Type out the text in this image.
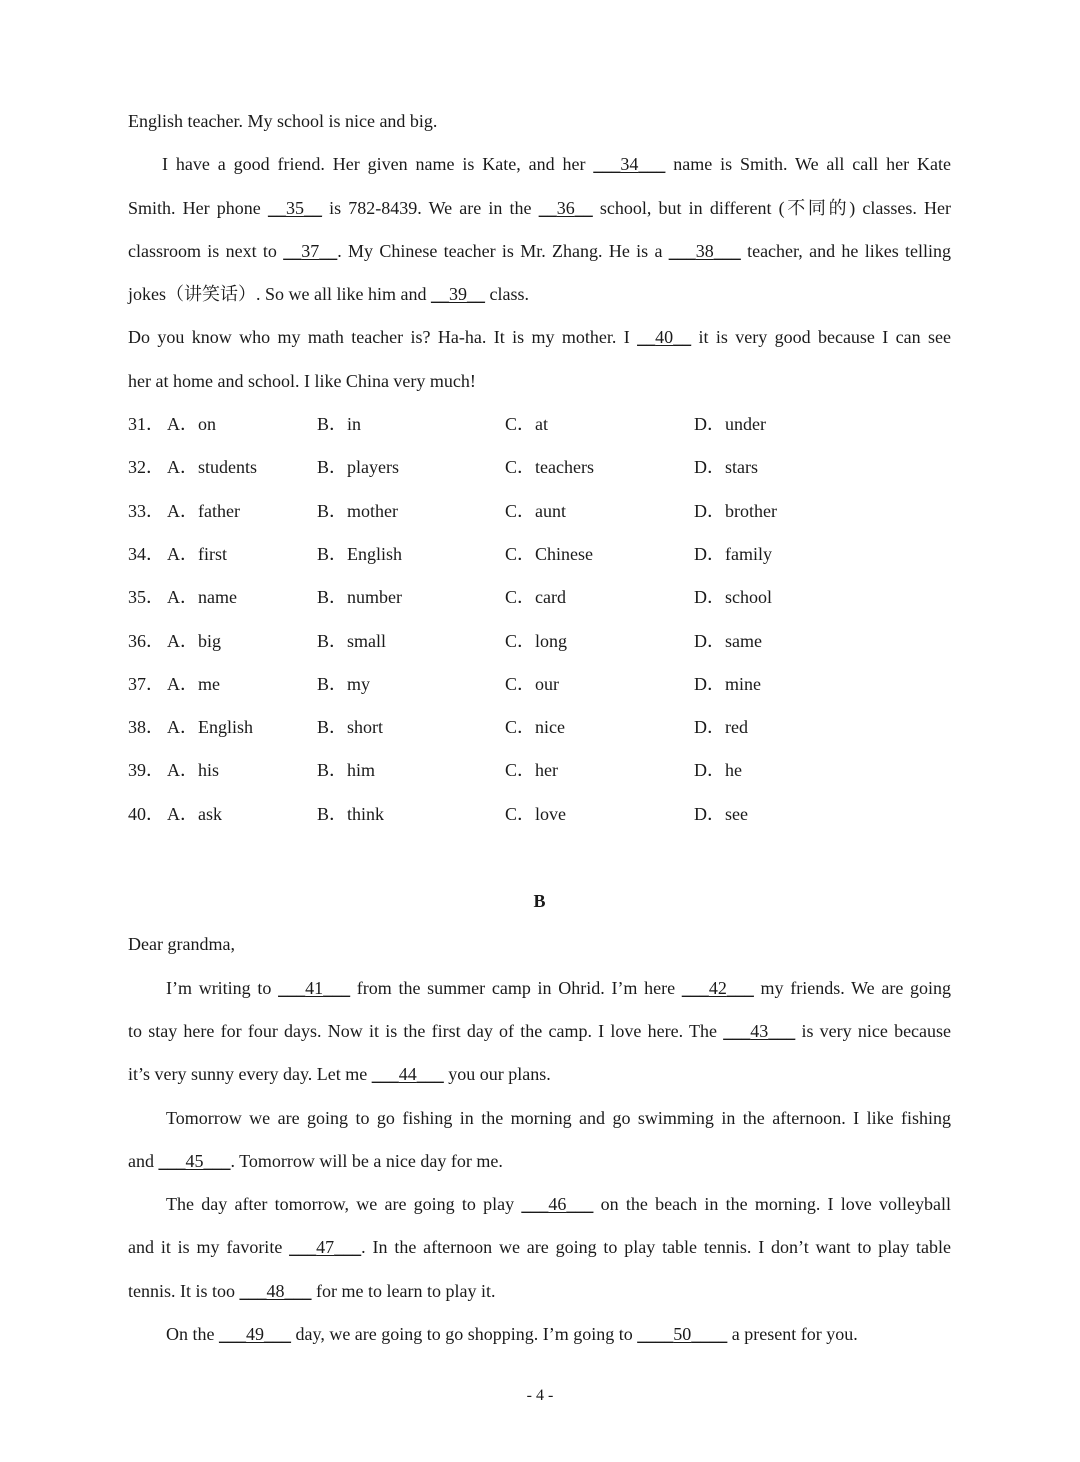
English teacher. My school is nice and big.
I have a good friend. Her given name is Kate, and her ___34___ name is Smith. We all call her Kate
Smith. Her phone __35__ is 782-8439. We are in the __36__ school, but in different (不同的) classes. Her
classroom is next to __37__. My Chinese teacher is Mr. Zhang. He is a ___38___ teacher, and he likes telling
jokes（讲笑话）. So we all like him and __39__ class.
Do you know who my math teacher is? Ha-ha. It is my mother. I __40__ it is very good because I can see
her at home and school. I like China very much!
31． A．on	B．in	C．at	D．under
32． A．students	B．players	C．teachers	D．stars
33． A．father	B．mother	C．aunt	D．brother
34． A．first	B．English	C．Chinese	D．family
35． A．name	B．number	C．card	D．school
36． A．big	B．small	C．long	D．same
37． A．me	B．my	C．our	D．mine
38． A．English	B．short	C．nice	D．red
39． A．his	B．him	C．her	D．he
40． A．ask	B．think	C．love	D．see
B
Dear grandma,
I’m writing to ___41___ from the summer camp in Ohrid. I’m here ___42___ my friends. We are going
to stay here for four days. Now it is the first day of the camp. I love here. The ___43___ is very nice because
it’s very sunny every day. Let me ___44___ you our plans.
Tomorrow we are going to go fishing in the morning and go swimming in the afternoon. I like fishing
and ___45___. Tomorrow will be a nice day for me.
The day after tomorrow, we are going to play ___46___ on the beach in the morning. I love volleyball
and it is my favorite ___47___. In the afternoon we are going to play table tennis. I don’t want to play table
tennis. It is too ___48___ for me to learn to play it.
On the ___49___ day, we are going to go shopping. I’m going to ____50____ a present for you.
- 4 -
